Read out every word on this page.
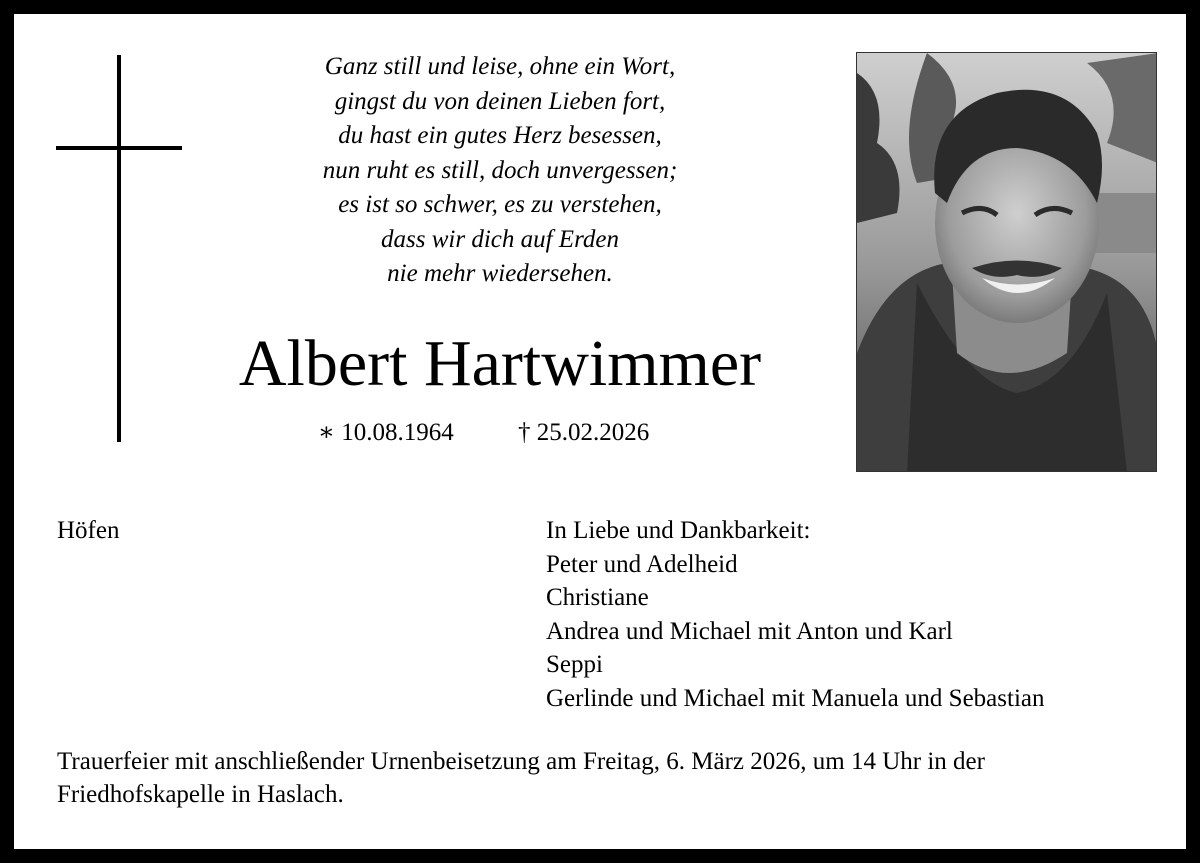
Ganz still und leise, ohne ein Wort,
gingst du von deinen Lieben fort,
du hast ein gutes Herz besessen,
nun ruht es still, doch unvergessen;
es ist so schwer, es zu verstehen,
dass wir dich auf Erden
nie mehr wiedersehen.
Albert Hartwimmer
∗ 10.08.1964	† 25.02.2026
Höfen	In Liebe und Dankbarkeit:
Peter und Adelheid
Christiane
Andrea und Michael mit Anton und Karl
Seppi
Gerlinde und Michael mit Manuela und Sebastian
Trauerfeier mit anschließender Urnenbeisetzung am Freitag, 6. März 2026, um 14 Uhr in der Friedhofskapelle in Haslach.
